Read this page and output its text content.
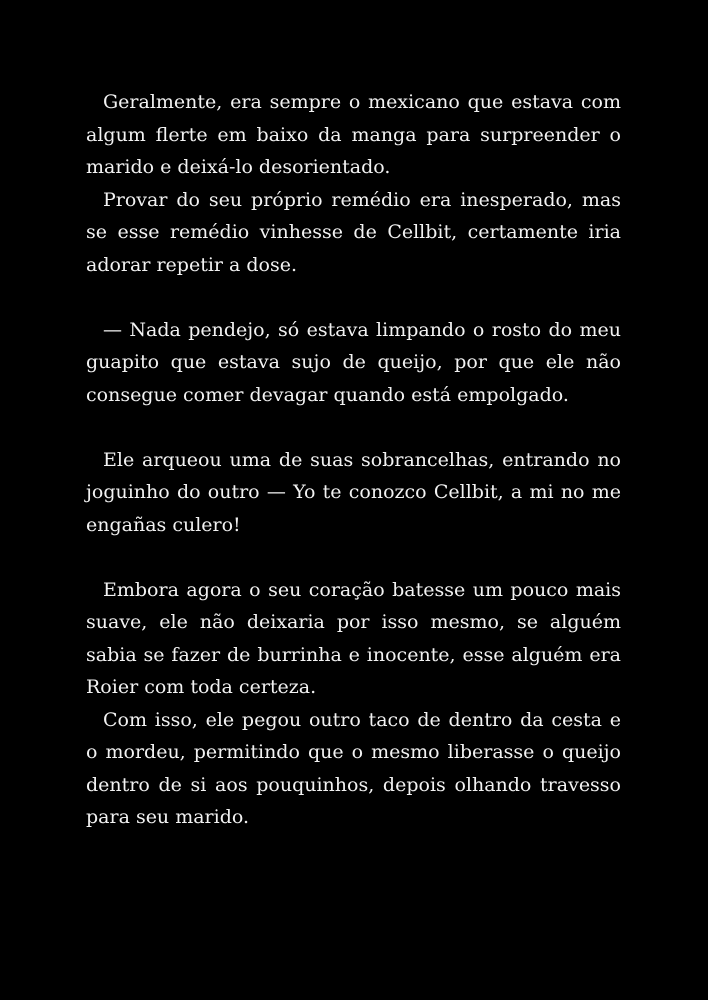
Geralmente, era sempre o mexicano que estava com algum flerte em baixo da manga para surpreender o marido e deixá-lo desorientado.

Provar do seu próprio remédio era inesperado, mas se esse remédio vinhesse de Cellbit, certamente iria adorar repetir a dose.

— Nada pendejo, só estava limpando o rosto do meu guapito que estava sujo de queijo, por que ele não consegue comer devagar quando está empolgado.

Ele arqueou uma de suas sobrancelhas, entrando no joguinho do outro — Yo te conozco Cellbit, a mi no me engañas culero!

Embora agora o seu coração batesse um pouco mais suave, ele não deixaria por isso mesmo, se alguém sabia se fazer de burrinha e inocente, esse alguém era Roier com toda certeza.

Com isso, ele pegou outro taco de dentro da cesta e o mordeu, permitindo que o mesmo liberasse o queijo dentro de si aos pouquinhos, depois olhando travesso para seu marido.
